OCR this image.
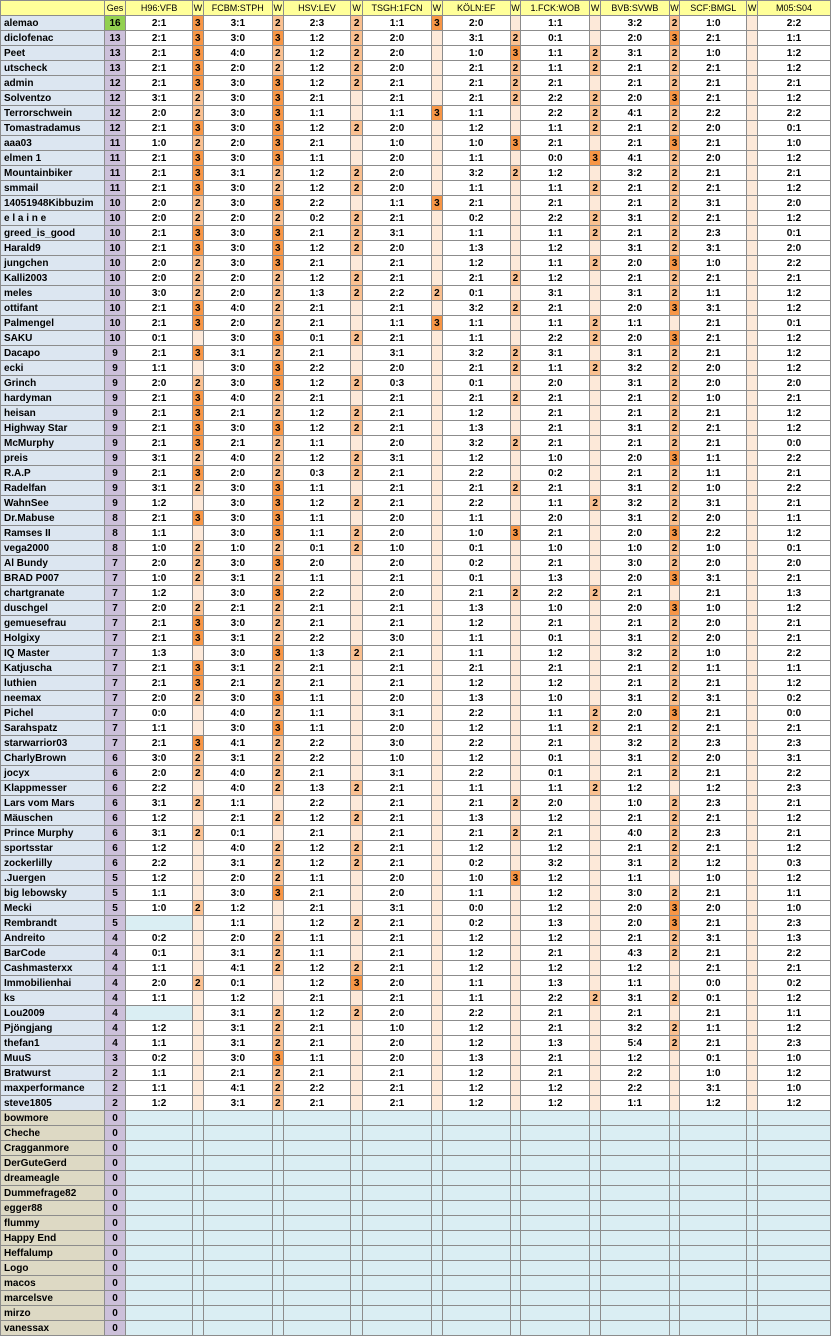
	Ges	H96:VFB	W	FCBM:STPH	W	HSV:LEV	W	TSGH:1FCN	W	KÖLN:EF	W	1.FCK:WOB	W	BVB:SVWB	W	SCF:BMGL	W	M05:S04
alemao	16	2:1	3	3:1	2	2:3	2	1:1	3	2:0		1:1		3:2	2	1:0		2:2
diclofenac	13	2:1	3	3:0	3	1:2	2	2:0		3:1	2	0:1		2:0	3	2:1		1:1
Peet	13	2:1	3	4:0	2	1:2	2	2:0		1:0	3	1:1	2	3:1	2	1:0		1:2
utscheck	13	2:1	3	2:0	2	1:2	2	2:0		2:1	2	1:1	2	2:1	2	2:1		1:2
admin	12	2:1	3	3:0	3	1:2	2	2:1		2:1	2	2:1		2:1	2	2:1		2:1
Solventzo	12	3:1	2	3:0	3	2:1		2:1		2:1	2	2:2	2	2:0	3	2:1		1:2
Terrorschwein	12	2:0	2	3:0	3	1:1		1:1	3	1:1		2:2	2	4:1	2	2:2		2:2
Tomastradamus	12	2:1	3	3:0	3	1:2	2	2:0		1:2		1:1	2	2:1	2	2:0		0:1
aaa03	11	1:0	2	2:0	3	2:1		1:0		1:0	3	2:1		2:1	3	2:1		1:0
elmen 1	11	2:1	3	3:0	3	1:1		2:0		1:1		0:0	3	4:1	2	2:0		1:2
Mountainbiker	11	2:1	3	3:1	2	1:2	2	2:0		3:2	2	1:2		3:2	2	2:1		2:1
smmail	11	2:1	3	3:0	2	1:2	2	2:0		1:1		1:1	2	2:1	2	2:1		1:2
14051948Kibbuzim	10	2:0	2	3:0	3	2:2		1:1	3	2:1		2:1		2:1	2	3:1		2:0
e l a i n e	10	2:0	2	2:0	2	0:2	2	2:1		0:2		2:2	2	3:1	2	2:1		1:2
greed_is_good	10	2:1	3	3:0	3	2:1	2	3:1		1:1		1:1	2	2:1	2	2:3		0:1
Harald9	10	2:1	3	3:0	3	1:2	2	2:0		1:3		1:2		3:1	2	3:1		2:0
jungchen	10	2:0	2	3:0	3	2:1		2:1		1:2		1:1	2	2:0	3	1:0		2:2
Kalli2003	10	2:0	2	2:0	2	1:2	2	2:1		2:1	2	1:2		2:1	2	2:1		2:1
meles	10	3:0	2	2:0	2	1:3	2	2:2	2	0:1		3:1		3:1	2	1:1		1:2
ottifant	10	2:1	3	4:0	2	2:1		2:1		3:2	2	2:1		2:0	3	3:1		1:2
Palmengel	10	2:1	3	2:0	2	2:1		1:1	3	1:1		1:1	2	1:1		2:1		0:1
SAKU	10	0:1		3:0	3	0:1	2	2:1		1:1		2:2	2	2:0	3	2:1		1:2
Dacapo	9	2:1	3	3:1	2	2:1		3:1		3:2	2	3:1		3:1	2	2:1		1:2
ecki	9	1:1		3:0	3	2:2		2:0		2:1	2	1:1	2	3:2	2	2:0		1:2
Grinch	9	2:0	2	3:0	3	1:2	2	0:3		0:1		2:0		3:1	2	2:0		2:0
hardyman	9	2:1	3	4:0	2	2:1		2:1		2:1	2	2:1		2:1	2	1:0		2:1
heisan	9	2:1	3	2:1	2	1:2	2	2:1		1:2		2:1		2:1	2	2:1		1:2
Highway Star	9	2:1	3	3:0	3	1:2	2	2:1		1:3		2:1		3:1	2	2:1		1:2
McMurphy	9	2:1	3	2:1	2	1:1		2:0		3:2	2	2:1		2:1	2	2:1		0:0
preis	9	3:1	2	4:0	2	1:2	2	3:1		1:2		1:0		2:0	3	1:1		2:2
R.A.P	9	2:1	3	2:0	2	0:3	2	2:1		2:2		0:2		2:1	2	1:1		2:1
Radelfan	9	3:1	2	3:0	3	1:1		2:1		2:1	2	2:1		3:1	2	1:0		2:2
WahnSee	9	1:2		3:0	3	1:2	2	2:1		2:2		1:1	2	3:2	2	3:1		2:1
Dr.Mabuse	8	2:1	3	3:0	3	1:1		2:0		1:1		2:0		3:1	2	2:0		1:1
Ramses II	8	1:1		3:0	3	1:1	2	2:0		1:0	3	2:1		2:0	3	2:2		1:2
vega2000	8	1:0	2	1:0	2	0:1	2	1:0		0:1		1:0		1:0	2	1:0		0:1
Al Bundy	7	2:0	2	3:0	3	2:0		2:0		0:2		2:1		3:0	2	2:0		2:0
BRAD P007	7	1:0	2	3:1	2	1:1		2:1		0:1		1:3		2:0	3	3:1		2:1
chartgranate	7	1:2		3:0	3	2:2		2:0		2:1	2	2:2	2	2:1		2:1		1:3
duschgel	7	2:0	2	2:1	2	2:1		2:1		1:3		1:0		2:0	3	1:0		1:2
gemuesefrau	7	2:1	3	3:0	2	2:1		2:1		1:2		2:1		2:1	2	2:0		2:1
Holgixy	7	2:1	3	3:1	2	2:2		3:0		1:1		0:1		3:1	2	2:0		2:1
IQ Master	7	1:3		3:0	3	1:3	2	2:1		1:1		1:2		3:2	2	1:0		2:2
Katjuscha	7	2:1	3	3:1	2	2:1		2:1		2:1		2:1		2:1	2	1:1		1:1
luthien	7	2:1	3	2:1	2	2:1		2:1		1:2		1:2		2:1	2	2:1		1:2
neemax	7	2:0	2	3:0	3	1:1		2:0		1:3		1:0		3:1	2	3:1		0:2
Pichel	7	0:0		4:0	2	1:1		3:1		2:2		1:1	2	2:0	3	2:1		0:0
Sarahspatz	7	1:1		3:0	3	1:1		2:0		1:2		1:1	2	2:1	2	2:1		2:1
starwarrior03	7	2:1	3	4:1	2	2:2		3:0		2:2		2:1		3:2	2	2:3		2:3
CharlyBrown	6	3:0	2	3:1	2	2:2		1:0		1:2		0:1		3:1	2	2:0		3:1
jocyx	6	2:0	2	4:0	2	2:1		3:1		2:2		0:1		2:1	2	2:1		2:2
Klappmesser	6	2:2		4:0	2	1:3	2	2:1		1:1		1:1	2	1:2		1:2		2:3
Lars vom Mars	6	3:1	2	1:1		2:2		2:1		2:1	2	2:0		1:0	2	2:3		2:1
Mäuschen	6	1:2		2:1	2	1:2	2	2:1		1:3		1:2		2:1	2	2:1		1:2
Prince Murphy	6	3:1	2	0:1		2:1		2:1		2:1	2	2:1		4:0	2	2:3		2:1
sportsstar	6	1:2		4:0	2	1:2	2	2:1		1:2		1:2		2:1	2	2:1		1:2
zockerlilly	6	2:2		3:1	2	1:2	2	2:1		0:2		3:2		3:1	2	1:2		0:3
.Juergen	5	1:2		2:0	2	1:1		2:0		1:0	3	1:2		1:1		1:0		1:2
big lebowsky	5	1:1		3:0	3	2:1		2:0		1:1		1:2		3:0	2	2:1		1:1
Mecki	5	1:0	2	1:2		2:1		3:1		0:0		1:2		2:0	3	2:0		1:0
Rembrandt	5			1:1		1:2	2	2:1		0:2		1:3		2:0	3	2:1		2:3
Andreito	4	0:2		2:0	2	1:1		2:1		1:2		1:2		2:1	2	3:1		1:3
BarCode	4	0:1		3:1	2	1:1		2:1		1:2		2:1		4:3	2	2:1		2:2
Cashmasterxx	4	1:1		4:1	2	1:2	2	2:1		1:2		1:2		1:2		2:1		2:1
Immobilienhai	4	2:0	2	0:1		1:2	3	2:0		1:1		1:3		1:1		0:0		0:2
ks	4	1:1		1:2		2:1		2:1		1:1		2:2	2	3:1	2	0:1		1:2
Lou2009	4			3:1	2	1:2	2	2:0		2:2		2:1		2:1		2:1		1:1
Pjöngjang	4	1:2		3:1	2	2:1		1:0		1:2		2:1		3:2	2	1:1		1:2
thefan1	4	1:1		3:1	2	2:1		2:0		1:2		1:3		5:4	2	2:1		2:3
MuuS	3	0:2		3:0	3	1:1		2:0		1:3		2:1		1:2		0:1		1:0
Bratwurst	2	1:1		2:1	2	2:1		2:1		1:2		2:1		2:2		1:0		1:2
maxperformance	2	1:1		4:1	2	2:2		2:1		1:2		1:2		2:2		3:1		1:0
steve1805	2	1:2		3:1	2	2:1		2:1		1:2		1:2		1:1		1:2		1:2
bowmore	0																	
Cheche	0																	
Cragganmore	0																	
DerGuteGerd	0																	
dreameagle	0																	
Dummefrage82	0																	
egger88	0																	
flummy	0																	
Happy End	0																	
Heffalump	0																	
Logo	0																	
macos	0																	
marcelsve	0																	
mirzo	0																	
vanessax	0																	
